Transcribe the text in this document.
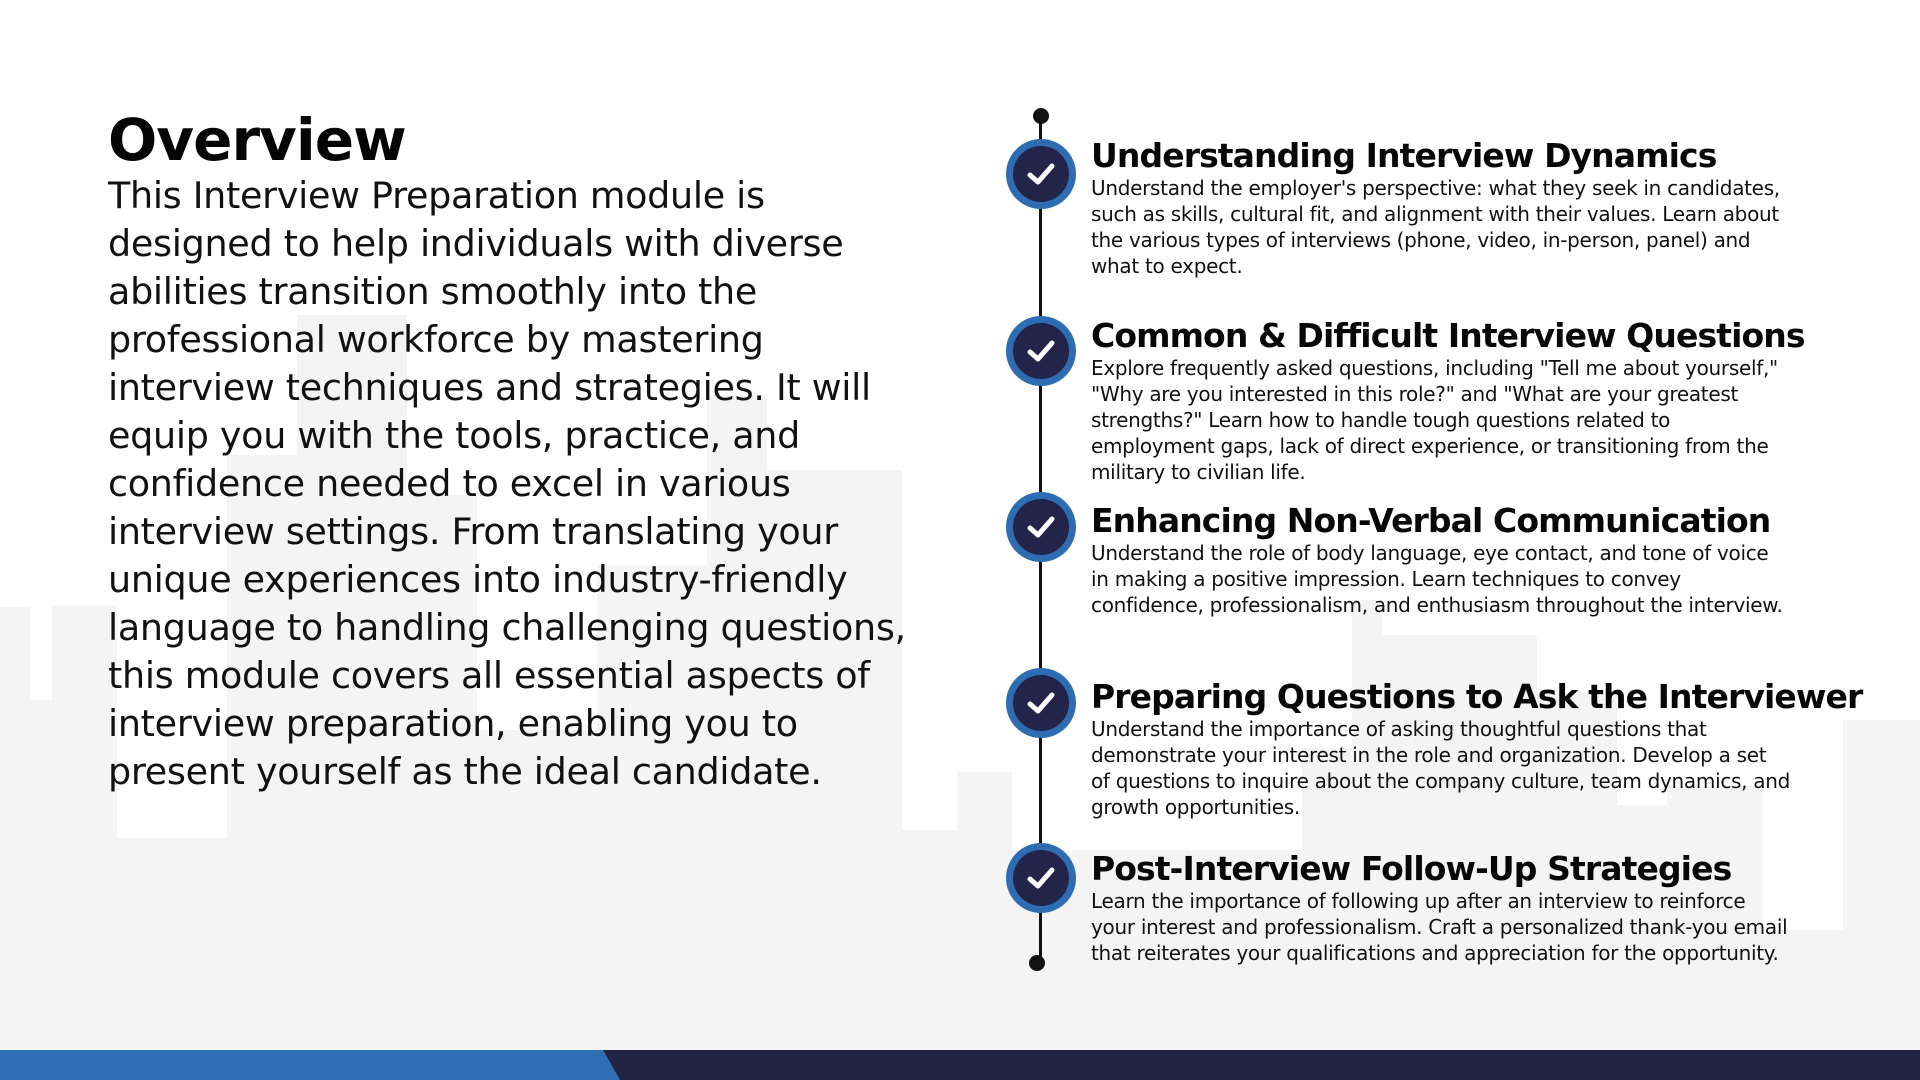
Overview

This Interview Preparation module is designed to help individuals with diverse abilities transition smoothly into the professional workforce by mastering interview techniques and strategies. It will equip you with the tools, practice, and confidence needed to excel in various interview settings. From translating your unique experiences into industry-friendly language to handling challenging questions, this module covers all essential aspects of interview preparation, enabling you to present yourself as the ideal candidate.

Understanding Interview Dynamics

Understand the employer's perspective: what they seek in candidates, such as skills, cultural fit, and alignment with their values. Learn about the various types of interviews (phone, video, in-person, panel) and what to expect.

Common & Difficult Interview Questions

Explore frequently asked questions, including "Tell me about yourself," "Why are you interested in this role?" and "What are your greatest strengths?" Learn how to handle tough questions related to employment gaps, lack of direct experience, or transitioning from the military to civilian life.

Enhancing Non-Verbal Communication

Understand the role of body language, eye contact, and tone of voice in making a positive impression. Learn techniques to convey confidence, professionalism, and enthusiasm throughout the interview.

Preparing Questions to Ask the Interviewer

Understand the importance of asking thoughtful questions that demonstrate your interest in the role and organization. Develop a set of questions to inquire about the company culture, team dynamics, and growth opportunities.

Post-Interview Follow-Up Strategies

Learn the importance of following up after an interview to reinforce your interest and professionalism. Craft a personalized thank-you email that reiterates your qualifications and appreciation for the opportunity.
